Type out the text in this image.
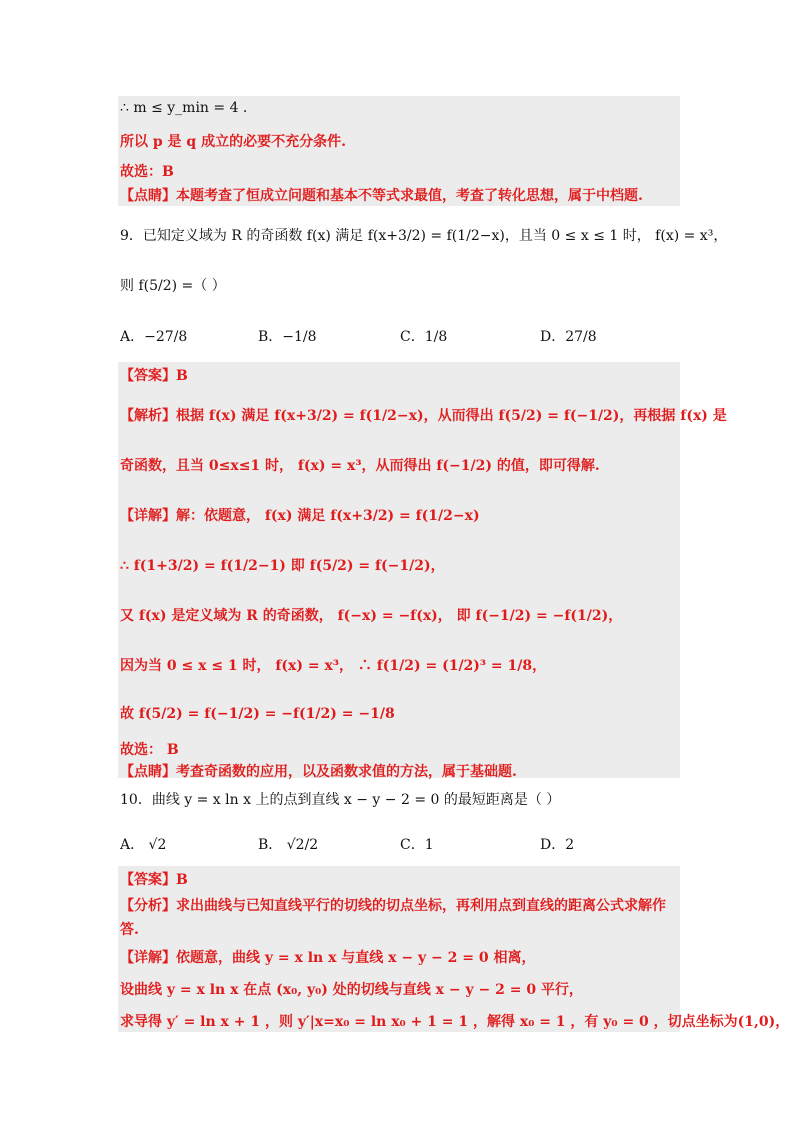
∴ m ≤ y_min = 4 .
所以 p 是 q 成立的必要不充分条件.
故选：B
【点睛】本题考查了恒成立问题和基本不等式求最值，考查了转化思想，属于中档题.
9．已知定义域为 R 的奇函数 f(x) 满足 f(x+3/2) = f(1/2−x)，且当 0 ≤ x ≤ 1 时， f(x) = x³，
则 f(5/2) =（ ）
A．−27/8	B．−1/8	C．1/8	D．27/8
【答案】B
【解析】根据 f(x) 满足 f(x+3/2) = f(1/2−x)，从而得出 f(5/2) = f(−1/2)，再根据 f(x) 是
奇函数，且当 0≤x≤1 时， f(x) = x³，从而得出 f(−1/2) 的值，即可得解.
【详解】解：依题意， f(x) 满足 f(x+3/2) = f(1/2−x)
∴ f(1+3/2) = f(1/2−1) 即 f(5/2) = f(−1/2)，
又 f(x) 是定义域为 R 的奇函数， f(−x) = −f(x)， 即 f(−1/2) = −f(1/2)，
因为当 0 ≤ x ≤ 1 时， f(x) = x³， ∴ f(1/2) = (1/2)³ = 1/8，
故 f(5/2) = f(−1/2) = −f(1/2) = −1/8
故选： B
【点睛】考查奇函数的应用，以及函数求值的方法，属于基础题.
10．曲线 y = x ln x 上的点到直线 x − y − 2 = 0 的最短距离是（ ）
A． √2	B． √2/2	C．1	D．2
【答案】B
【分析】求出曲线与已知直线平行的切线的切点坐标，再利用点到直线的距离公式求解作
答.
【详解】依题意，曲线 y = x ln x 与直线 x − y − 2 = 0 相离，
设曲线 y = x ln x 在点 (x₀, y₀) 处的切线与直线 x − y − 2 = 0 平行，
求导得 y′ = ln x + 1 ，则 y′|x=x₀ = ln x₀ + 1 = 1 ，解得 x₀ = 1 ，有 y₀ = 0 ，切点坐标为(1,0)，
